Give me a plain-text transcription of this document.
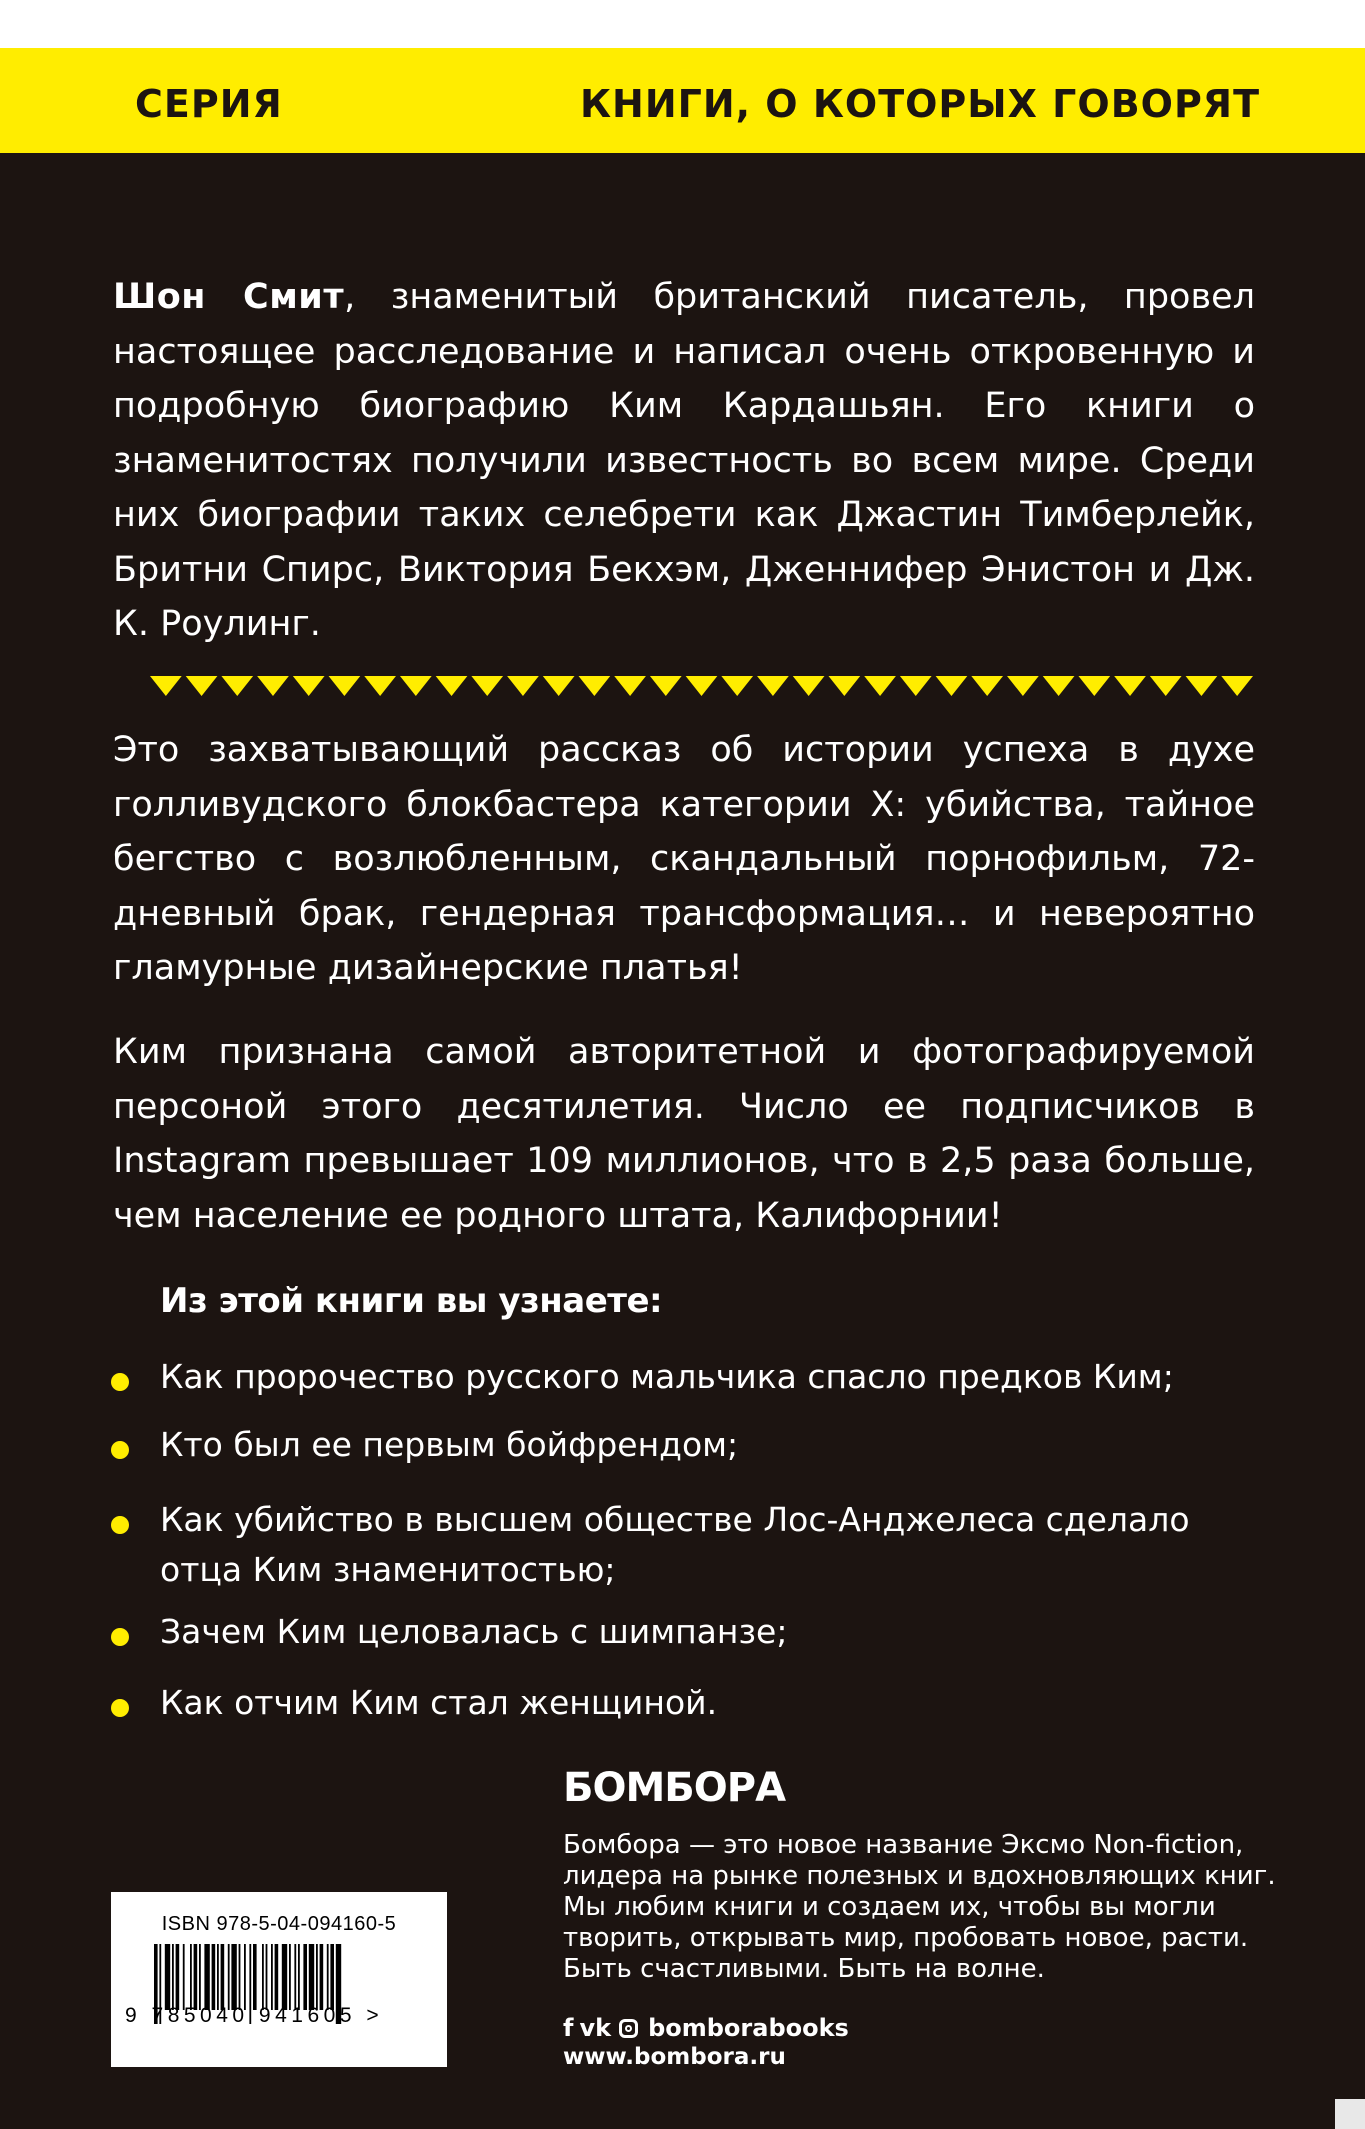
СЕРИЯ	КНИГИ, О КОТОРЫХ ГОВОРЯТ

Шон Смит, знаменитый британский писатель, провел настоящее расследование и написал очень откровенную и подробную биографию Ким Кардашьян. Его книги о знаменитостях получили известность во всем мире. Среди них биографии таких селебрети как Джастин Тимберлейк, Бритни Спирс, Виктория Бекхэм, Дженнифер Энистон и Дж. К. Роулинг.

Это захватывающий рассказ об истории успеха в духе голливудского блокбастера категории Х: убийства, тайное бегство с возлюбленным, скандальный порнофильм, 72-дневный брак, гендерная трансформация… и невероятно гламурные дизайнерские платья!

Ким признана самой авторитетной и фотографируемой персоной этого десятилетия. Число ее подписчиков в Instagram превышает 109 миллионов, что в 2,5 раза больше, чем население ее родного штата, Калифорнии!

Из этой книги вы узнаете:
Как пророчество русского мальчика спасло предков Ким;
Кто был ее первым бойфрендом;
Как убийство в высшем обществе Лос-Анджелеса сделало отца Ким знаменитостью;
Зачем Ким целовалась с шимпанзе;
Как отчим Ким стал женщиной.
БОМБОРА
Бомбора — это новое название Эксмо Non-fiction, лидера на рынке полезных и вдохновляющих книг. Мы любим книги и создаем их, чтобы вы могли творить, открывать мир, пробовать новое, расти. Быть счастливыми. Быть на волне.
f vk bomborabooks
www.bombora.ru
ISBN 978-5-04-094160-5
9 785040 941605 >
